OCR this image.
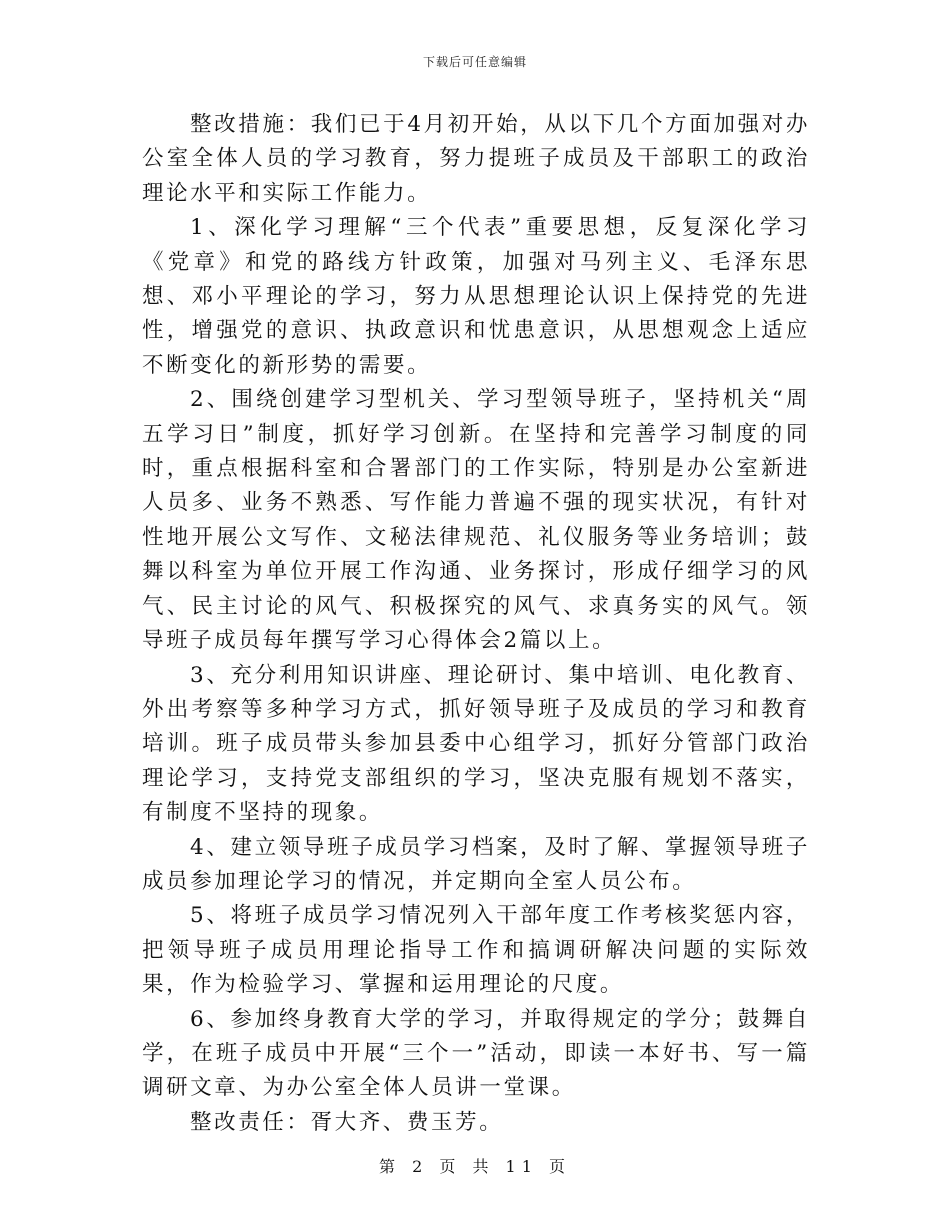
下载后可任意编辑

整改措施：我们已于4月初开始，从以下几个方面加强对办公室全体人员的学习教育，努力提班子成员及干部职工的政治理论水平和实际工作能力。

1、深化学习理解“三个代表”重要思想，反复深化学习《党章》和党的路线方针政策，加强对马列主义、毛泽东思想、邓小平理论的学习，努力从思想理论认识上保持党的先进性，增强党的意识、执政意识和忧患意识，从思想观念上适应不断变化的新形势的需要。

2、围绕创建学习型机关、学习型领导班子，坚持机关“周五学习日”制度，抓好学习创新。在坚持和完善学习制度的同时，重点根据科室和合署部门的工作实际，特别是办公室新进人员多、业务不熟悉、写作能力普遍不强的现实状况，有针对性地开展公文写作、文秘法律规范、礼仪服务等业务培训；鼓舞以科室为单位开展工作沟通、业务探讨，形成仔细学习的风气、民主讨论的风气、积极探究的风气、求真务实的风气。领导班子成员每年撰写学习心得体会2篇以上。

3、充分利用知识讲座、理论研讨、集中培训、电化教育、外出考察等多种学习方式，抓好领导班子及成员的学习和教育培训。班子成员带头参加县委中心组学习，抓好分管部门政治理论学习，支持党支部组织的学习，坚决克服有规划不落实，有制度不坚持的现象。

4、建立领导班子成员学习档案，及时了解、掌握领导班子成员参加理论学习的情况，并定期向全室人员公布。

5、将班子成员学习情况列入干部年度工作考核奖惩内容，把领导班子成员用理论指导工作和搞调研解决问题的实际效果，作为检验学习、掌握和运用理论的尺度。

6、参加终身教育大学的学习，并取得规定的学分；鼓舞自学，在班子成员中开展“三个一”活动，即读一本好书、写一篇调研文章、为办公室全体人员讲一堂课。

整改责任：胥大齐、费玉芳。

第 2 页 共 11 页
